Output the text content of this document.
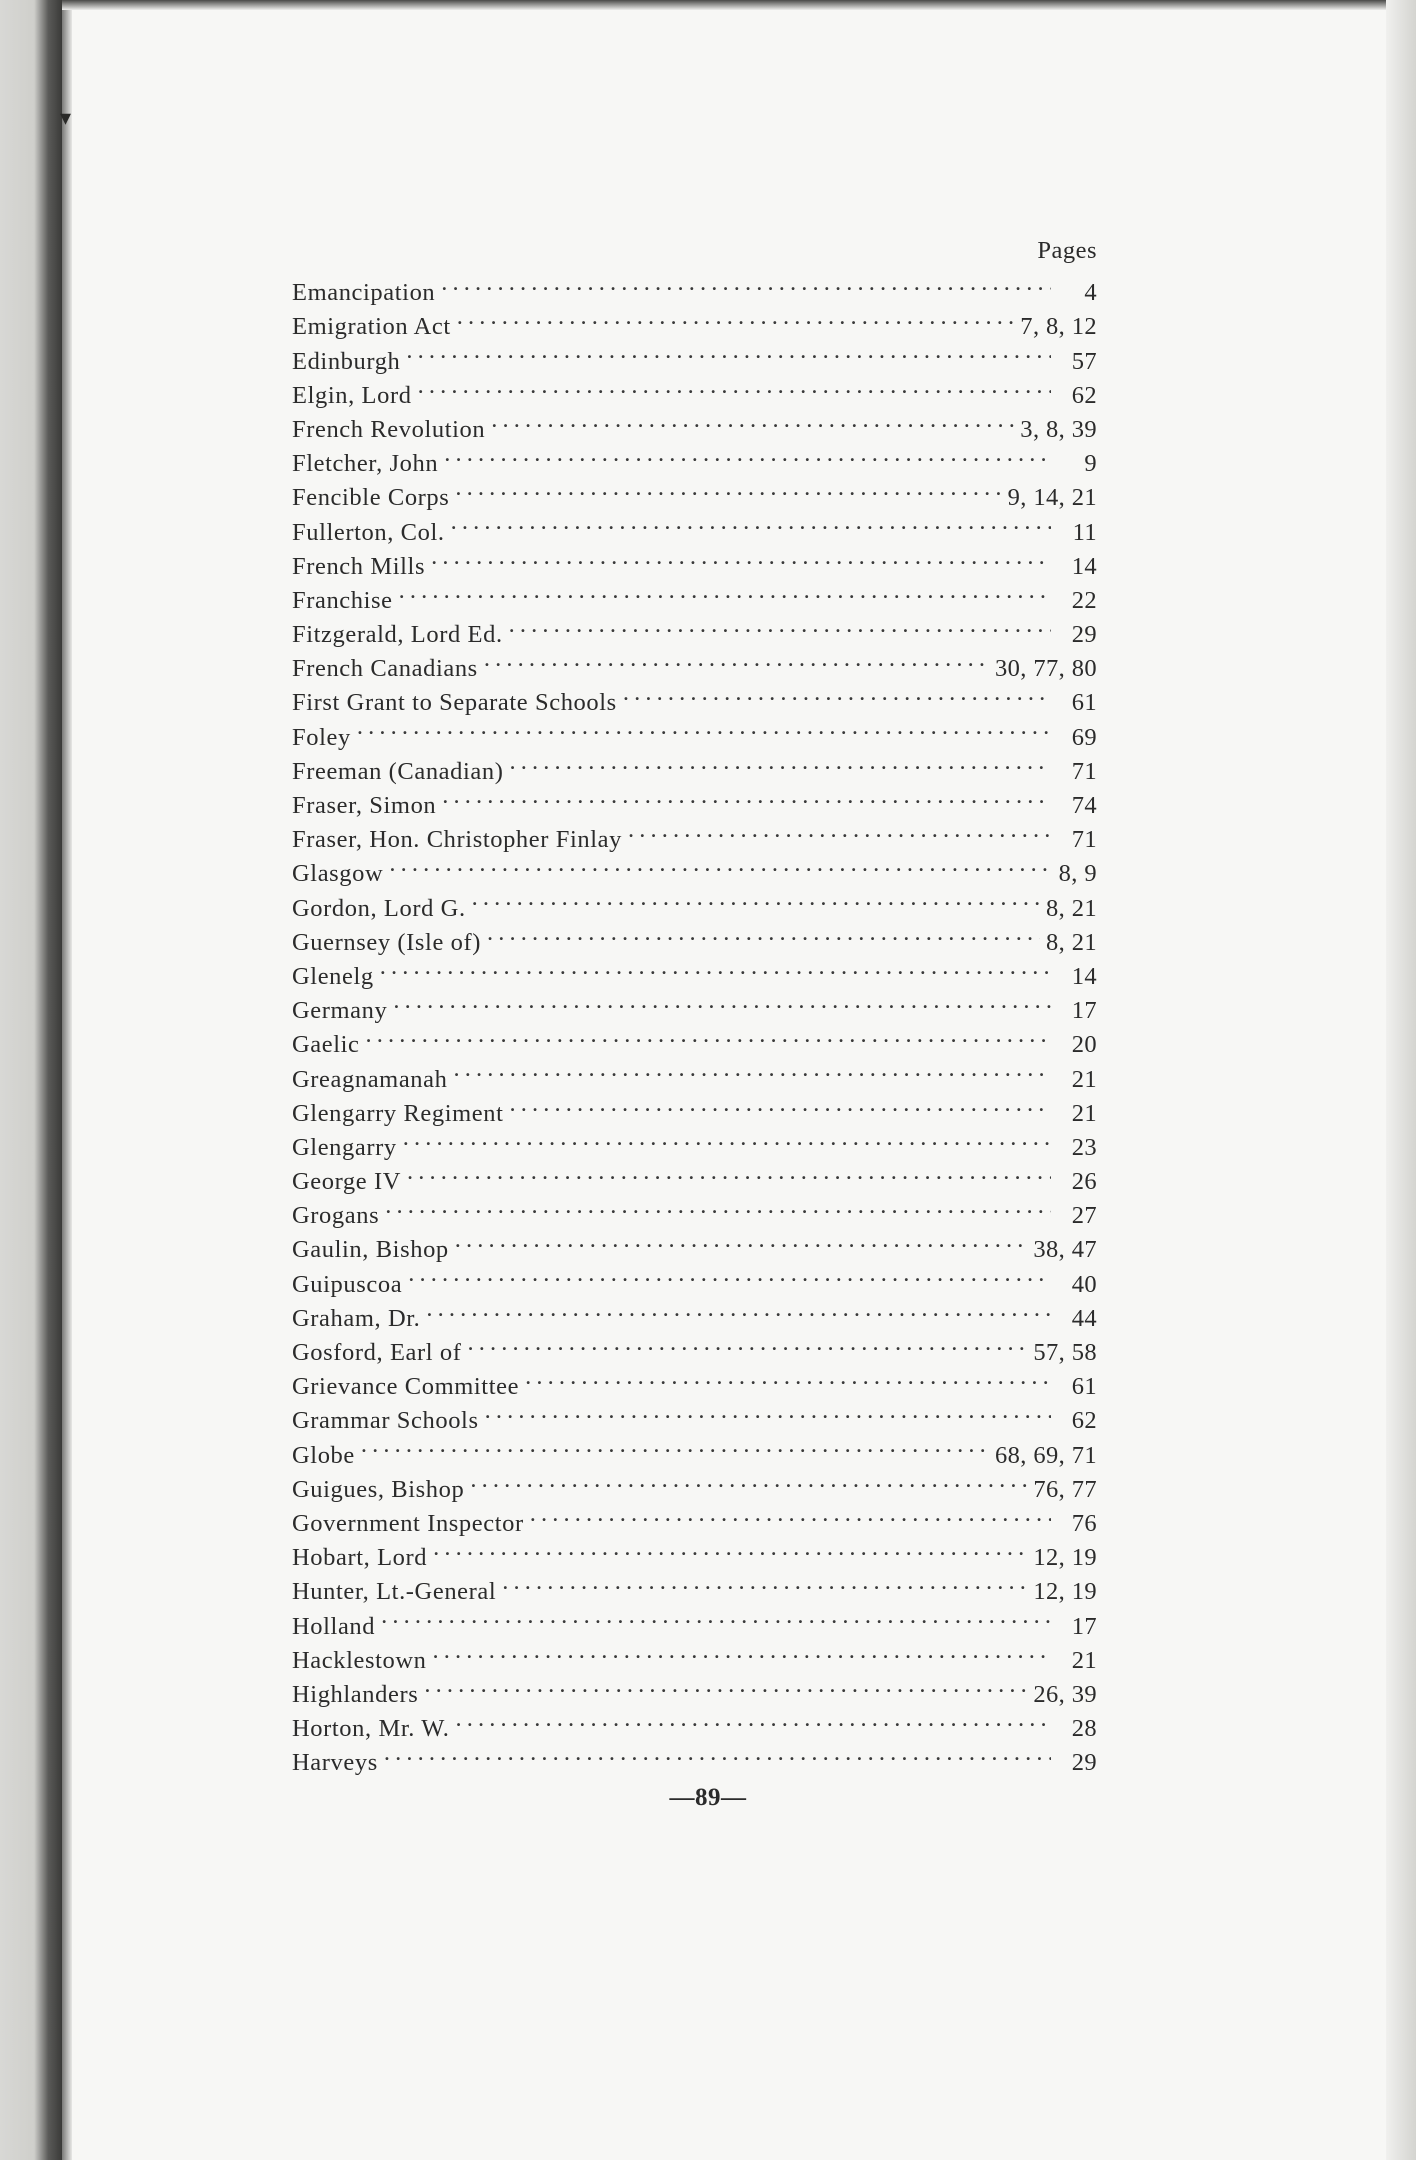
▾
Pages
Emancipation . . .	4
Emigration Act . . .	7, 8, 12
Edinburgh . . .	57
Elgin, Lord . . .	62
French Revolution . . .	3, 8, 39
Fletcher, John . . .	9
Fencible Corps . . .	9, 14, 21
Fullerton, Col. . . .	11
French Mills . . .	14
Franchise . . .	22
Fitzgerald, Lord Ed. . . .	29
French Canadians . . .	30, 77, 80
First Grant to Separate Schools . . .	61
Foley . . .	69
Freeman (Canadian) . . .	71
Fraser, Simon . . .	74
Fraser, Hon. Christopher Finlay . . .	71
Glasgow . . .	8, 9
Gordon, Lord G. . . .	8, 21
Guernsey (Isle of) . . .	8, 21
Glenelg . . .	14
Germany . . .	17
Gaelic . . .	20
Greagnamanah . . .	21
Glengarry Regiment . . .	21
Glengarry . . .	23
George IV . . .	26
Grogans . . .	27
Gaulin, Bishop . . .	38, 47
Guipuscoa . . .	40
Graham, Dr. . . .	44
Gosford, Earl of . . .	57, 58
Grievance Committee . . .	61
Grammar Schools . . .	62
Globe . . .	68, 69, 71
Guigues, Bishop . . .	76, 77
Government Inspector . . .	76
Hobart, Lord . . .	12, 19
Hunter, Lt.-General . . .	12, 19
Holland . . .	17
Hacklestown . . .	21
Highlanders . . .	26, 39
Horton, Mr. W. . . .	28
Harveys . . .	29
—89—
